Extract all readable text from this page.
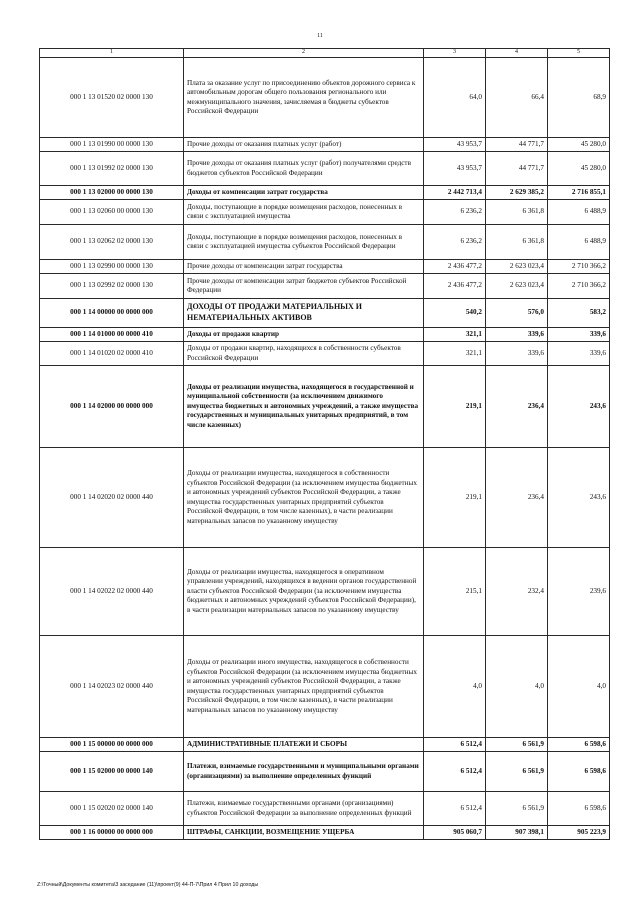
11
1	2	3	4	5
000 1 13 01520 02 0000 130	Плата за оказание услуг по присоединению объектов дорожного сервиса к автомобильным дорогам общего пользования регионального или межмуниципального значения, зачисляемая в бюджеты субъектов Российской Федерации	64,0	66,4	68,9
000 1 13 01990 00 0000 130	Прочие доходы от оказания платных услуг (работ)	43 953,7	44 771,7	45 280,0
000 1 13 01992 02 0000 130	Прочие доходы от оказания платных услуг (работ) получателями средств бюджетов субъектов Российской Федерации	43 953,7	44 771,7	45 280,0
000 1 13 02000 00 0000 130	Доходы от компенсации затрат государства	2 442 713,4	2 629 385,2	2 716 855,1
000 1 13 02060 00 0000 130	Доходы, поступающие в порядке возмещения расходов, понесенных в связи с эксплуатацией имущества	6 236,2	6 361,8	6 488,9
000 1 13 02062 02 0000 130	Доходы, поступающие в порядке возмещения расходов, понесенных в связи с эксплуатацией имущества субъектов Российской Федерации	6 236,2	6 361,8	6 488,9
000 1 13 02990 00 0000 130	Прочие доходы от компенсации затрат государства	2 436 477,2	2 623 023,4	2 710 366,2
000 1 13 02992 02 0000 130	Прочие доходы от компенсации затрат бюджетов субъектов Российской Федерации	2 436 477,2	2 623 023,4	2 710 366,2
000 1 14 00000 00 0000 000	ДОХОДЫ ОТ ПРОДАЖИ МАТЕРИАЛЬНЫХ И НЕМАТЕРИАЛЬНЫХ АКТИВОВ	540,2	576,0	583,2
000 1 14 01000 00 0000 410	Доходы от продажи квартир	321,1	339,6	339,6
000 1 14 01020 02 0000 410	Доходы от продажи квартир, находящихся в собственности субъектов Российской Федерации	321,1	339,6	339,6
000 1 14 02000 00 0000 000	Доходы от реализации имущества, находящегося в государственной и муниципальной собственности (за исключением движимого имущества бюджетных и автономных учреждений, а также имущества государственных и муниципальных унитарных предприятий, в том числе казенных)	219,1	236,4	243,6
000 1 14 02020 02 0000 440	Доходы от реализации имущества, находящегося в собственности субъектов Российской Федерации (за исключением имущества бюджетных и автономных учреждений субъектов Российской Федерации, а также имущества государственных унитарных предприятий субъектов Российской Федерации, в том числе казенных), в части реализации материальных запасов по указанному имуществу	219,1	236,4	243,6
000 1 14 02022 02 0000 440	Доходы от реализации имущества, находящегося в оперативном управлении учреждений, находящихся в ведении органов государственной власти субъектов Российской Федерации (за исключением имущества бюджетных и автономных учреждений субъектов Российской Федерации), в части реализации материальных запасов по указанному имуществу	215,1	232,4	239,6
000 1 14 02023 02 0000 440	Доходы от реализации иного имущества, находящегося в собственности субъектов Российской Федерации (за исключением имущества бюджетных и автономных учреждений субъектов Российской Федерации, а также имущества государственных унитарных предприятий субъектов Российской Федерации, в том числе казенных), в части реализации материальных запасов по указанному имуществу	4,0	4,0	4,0
000 1 15 00000 00 0000 000	АДМИНИСТРАТИВНЫЕ ПЛАТЕЖИ И СБОРЫ	6 512,4	6 561,9	6 598,6
000 1 15 02000 00 0000 140	Платежи, взимаемые государственными и муниципальными органами (организациями) за выполнение определенных функций	6 512,4	6 561,9	6 598,6
000 1 15 02020 02 0000 140	Платежи, взимаемые государственными органами (организациями) субъектов Российской Федерации за выполнение определенных функций	6 512,4	6 561,9	6 598,6
000 1 16 00000 00 0000 000	ШТРАФЫ, САНКЦИИ, ВОЗМЕЩЕНИЕ УЩЕРБА	905 060,7	907 398,1	905 223,9
Z:\Точный\Документы комитета\3 заседание (11)\проект(9) 44-П-7\Прил 4 Прил 10 доходы
